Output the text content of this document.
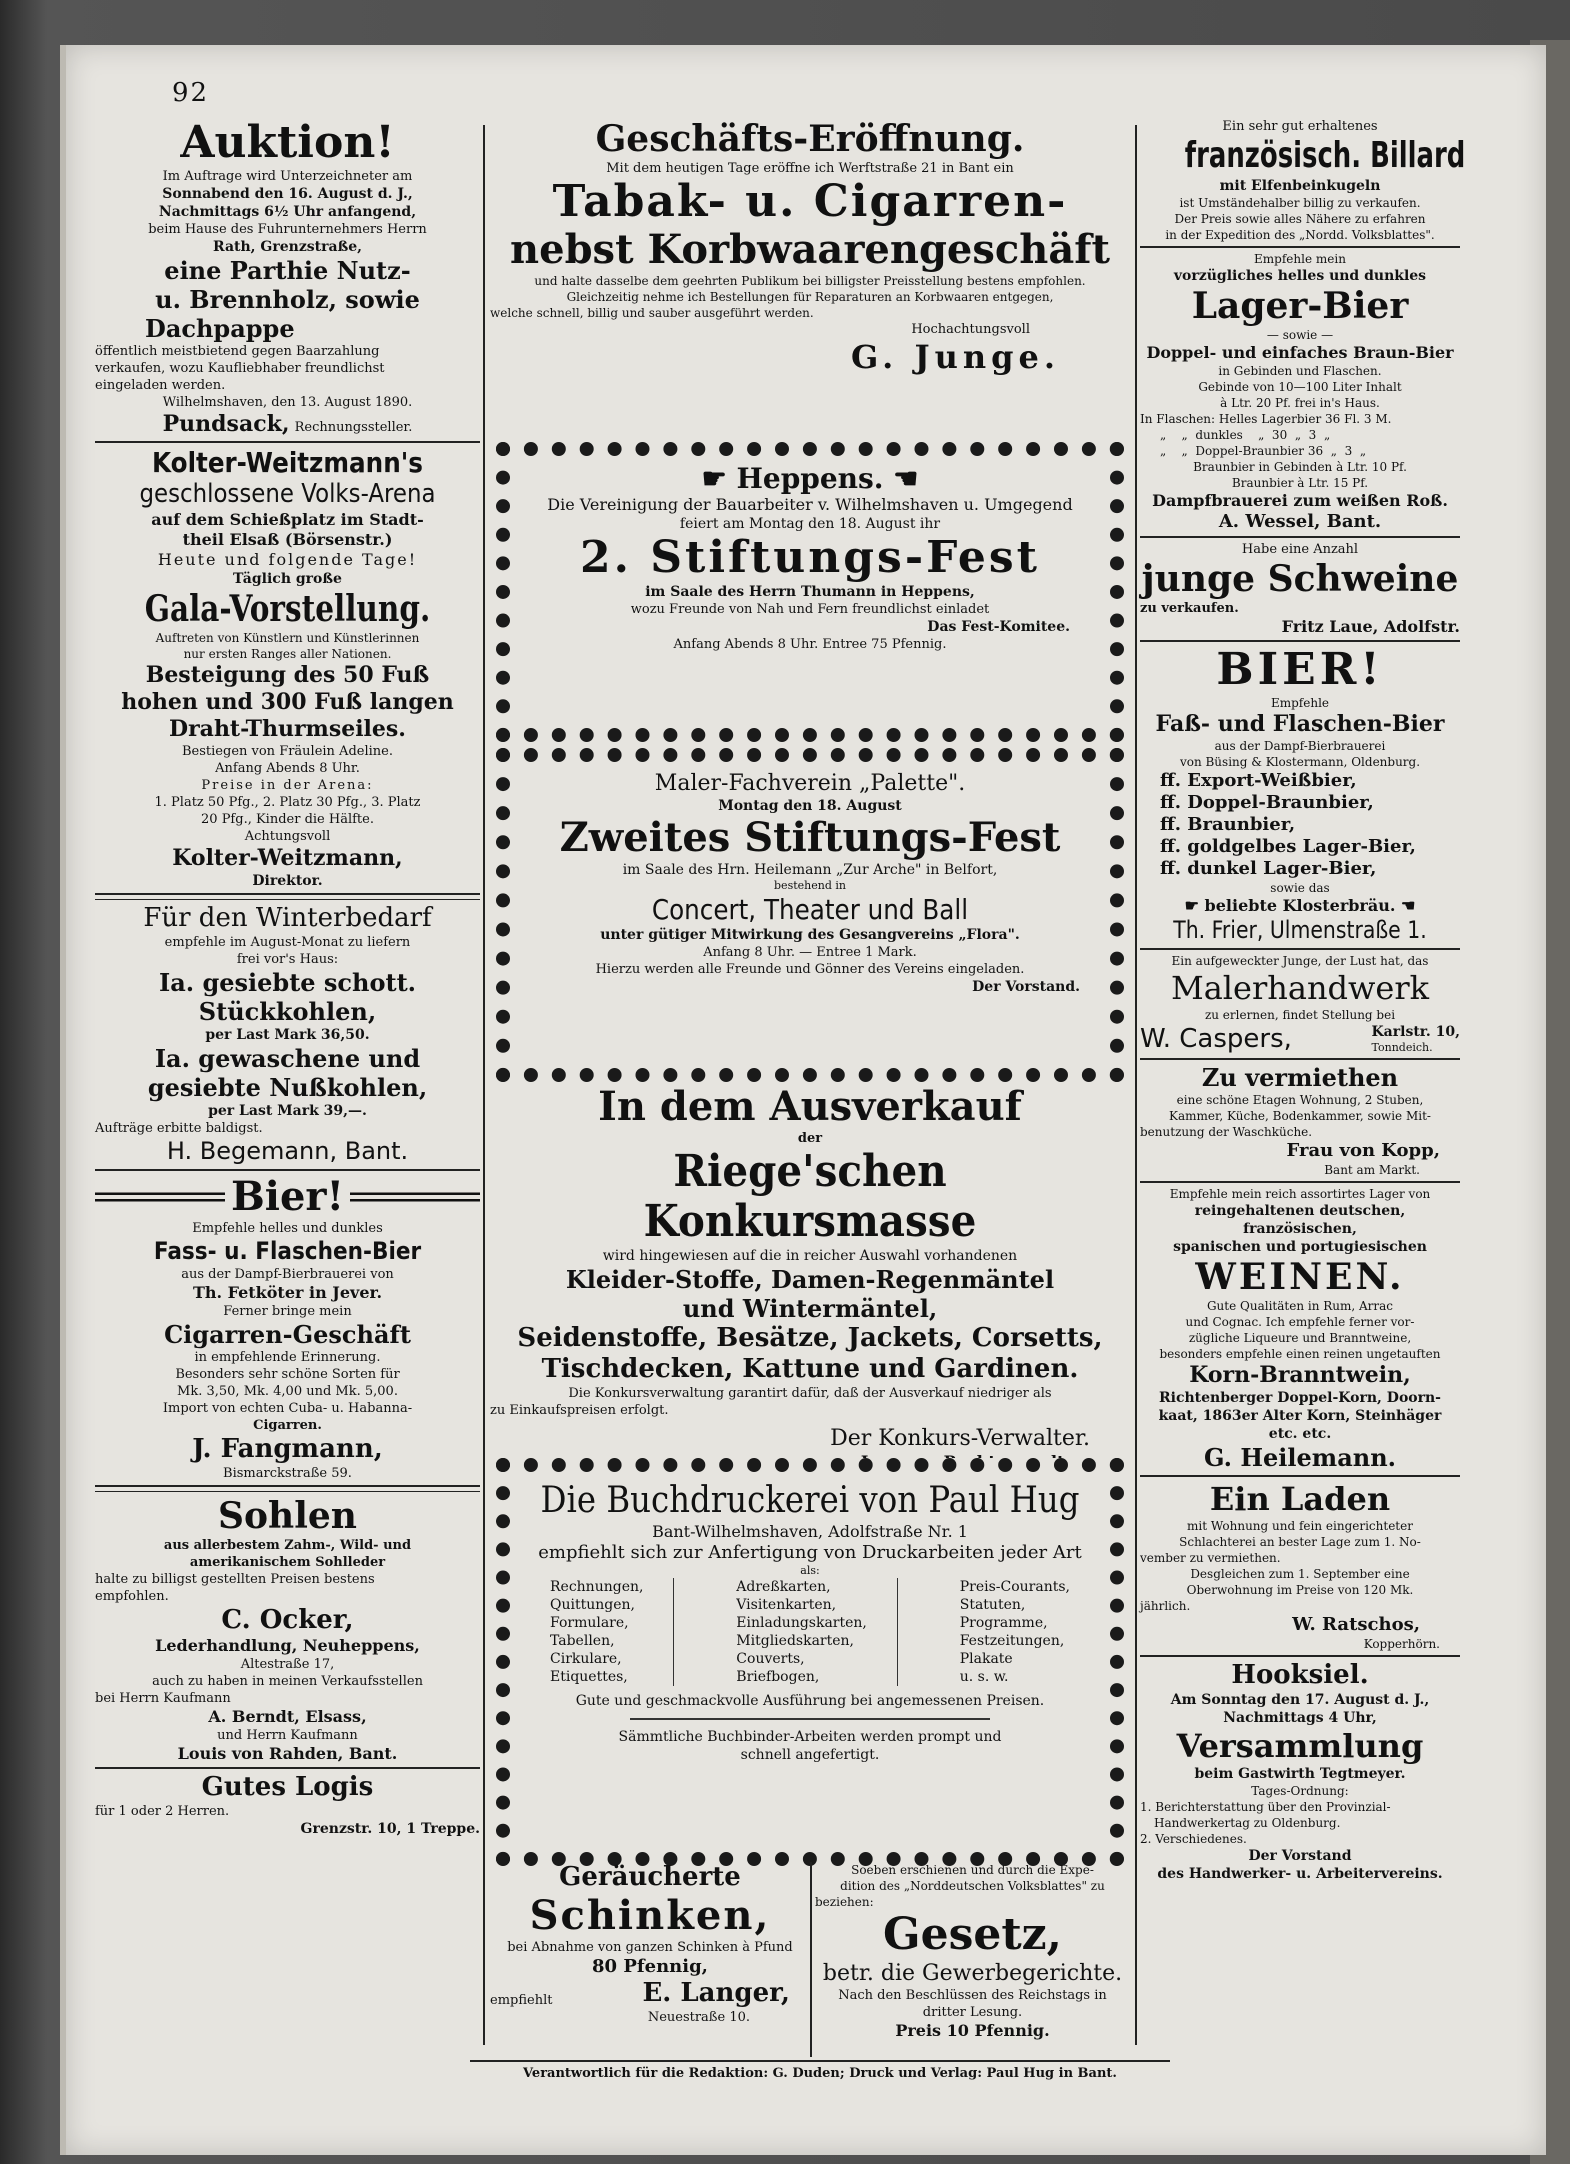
92
Auktion!
Im Auftrage wird Unterzeichneter am
Sonnabend den 16. August d. J.,
Nachmittags 6½ Uhr anfangend,
beim Hause des Fuhrunternehmers Herrn
Rath, Grenzstraße,
eine Parthie Nutz-
u. Brennholz, sowie
Dachpappe
öffentlich meistbietend gegen Baarzahlung
verkaufen, wozu Kaufliebhaber freundlichst
eingeladen werden.
Wilhelmshaven, den 13. August 1890.
Pundsack, Rechnungssteller.
Kolter-Weitzmann's
geschlossene Volks-Arena
auf dem Schießplatz im Stadt-
theil Elsaß (Börsenstr.)
Heute und folgende Tage!
Täglich große
Gala-Vorstellung.
Auftreten von Künstlern und Künstlerinnen
nur ersten Ranges aller Nationen.
Besteigung des 50 Fuß
hohen und 300 Fuß langen
Draht-Thurmseiles.
Bestiegen von Fräulein Adeline.
Anfang Abends 8 Uhr.
Preise in der Arena:
1. Platz 50 Pfg., 2. Platz 30 Pfg., 3. Platz
20 Pfg., Kinder die Hälfte.
Achtungsvoll
Kolter-Weitzmann,
Direktor.
Für den Winterbedarf
empfehle im August-Monat zu liefern
frei vor's Haus:
Ia. gesiebte schott.
Stückkohlen,
per Last Mark 36,50.
Ia. gewaschene und
gesiebte Nußkohlen,
per Last Mark 39,—.
Aufträge erbitte baldigst.
H. Begemann, Bant.
Bier!
Empfehle helles und dunkles
Fass- u. Flaschen-Bier
aus der Dampf-Bierbrauerei von
Th. Fetköter in Jever.
Ferner bringe mein
Cigarren-Geschäft
in empfehlende Erinnerung.
Besonders sehr schöne Sorten für
Mk. 3,50, Mk. 4,00 und Mk. 5,00.
Import von echten Cuba- u. Habanna-
Cigarren.
J. Fangmann,
Bismarckstraße 59.
Sohlen
aus allerbestem Zahm-, Wild- und
amerikanischem Sohlleder
halte zu billigst gestellten Preisen bestens
empfohlen.
C. Ocker,
Lederhandlung, Neuheppens,
Altestraße 17,
auch zu haben in meinen Verkaufsstellen
bei Herrn Kaufmann
A. Berndt, Elsass,
und Herrn Kaufmann
Louis von Rahden, Bant.
Gutes Logis
für 1 oder 2 Herren.
Grenzstr. 10, 1 Treppe.
Geschäfts-Eröffnung.
Mit dem heutigen Tage eröffne ich Werftstraße 21 in Bant ein
Tabak- u. Cigarren-
nebst Korbwaarengeschäft
und halte dasselbe dem geehrten Publikum bei billigster Preisstellung bestens empfohlen.
Gleichzeitig nehme ich Bestellungen für Reparaturen an Korbwaaren entgegen,
welche schnell, billig und sauber ausgeführt werden.
Hochachtungsvoll
G. Junge.
☛ Heppens. ☚
Die Vereinigung der Bauarbeiter v. Wilhelmshaven u. Umgegend
feiert am Montag den 18. August ihr
2. Stiftungs-Fest
im Saale des Herrn Thumann in Heppens,
wozu Freunde von Nah und Fern freundlichst einladet
Das Fest-Komitee.
Anfang Abends 8 Uhr. Entree 75 Pfennig.
Maler-Fachverein „Palette".
Montag den 18. August
Zweites Stiftungs-Fest
im Saale des Hrn. Heilemann „Zur Arche" in Belfort,
bestehend in
Concert, Theater und Ball
unter gütiger Mitwirkung des Gesangvereins „Flora".
Anfang 8 Uhr. — Entree 1 Mark.
Hierzu werden alle Freunde und Gönner des Vereins eingeladen.
Der Vorstand.
In dem Ausverkauf
der
Riege'schen Konkursmasse
wird hingewiesen auf die in reicher Auswahl vorhandenen
Kleider-Stoffe, Damen-Regenmäntel
und Wintermäntel,
Seidenstoffe, Besätze, Jackets, Corsetts,
Tischdecken, Kattune und Gardinen.
Die Konkursverwaltung garantirt dafür, daß der Ausverkauf niedriger als
zu Einkaufspreisen erfolgt.
Der Konkurs-Verwalter.
Die Buchdruckerei von Paul Hug
Bant-Wilhelmshaven, Adolfstraße Nr. 1
empfiehlt sich zur Anfertigung von Druckarbeiten jeder Art
als:
Rechnungen,
Quittungen,
Formulare,
Tabellen,
Cirkulare,
Etiquettes,
Adreßkarten,
Visitenkarten,
Einladungskarten,
Mitgliedskarten,
Couverts,
Briefbogen,
Preis-Courants,
Statuten,
Programme,
Festzeitungen,
Plakate
u. s. w.
Gute und geschmackvolle Ausführung bei angemessenen Preisen.
Sämmtliche Buchbinder-Arbeiten werden prompt und
schnell angefertigt.
Geräucherte
Schinken,
bei Abnahme von ganzen Schinken à Pfund
80 Pfennig,
empfiehlt	E. Langer,
Neuestraße 10.
Soeben erschienen und durch die Expe-
dition des „Norddeutschen Volksblattes" zu
beziehen:
Gesetz,
betr. die Gewerbegerichte.
Nach den Beschlüssen des Reichstags in
dritter Lesung.
Preis 10 Pfennig.
Ein sehr gut erhaltenes
französisch. Billard
mit Elfenbeinkugeln
ist Umständehalber billig zu verkaufen.
Der Preis sowie alles Nähere zu erfahren
in der Expedition des „Nordd. Volksblattes".
Empfehle mein
vorzügliches helles und dunkles
Lager-Bier
— sowie —
Doppel- und einfaches Braun-Bier
in Gebinden und Flaschen.
Gebinde von 10—100 Liter Inhalt
à Ltr. 20 Pf. frei in's Haus.
In Flaschen: Helles Lagerbier 36 Fl. 3 M.
„    „  dunkles    „  30  „  3  „
„    „  Doppel-Braunbier 36  „  3  „
Braunbier in Gebinden à Ltr. 10 Pf.
Braunbier à Ltr. 15 Pf.
Dampfbrauerei zum weißen Roß.
A. Wessel, Bant.
Habe eine Anzahl
junge Schweine
zu verkaufen.
Fritz Laue, Adolfstr.
BIER!
Empfehle
Faß- und Flaschen-Bier
aus der Dampf-Bierbrauerei
von Büsing & Klostermann, Oldenburg.
ff. Export-Weißbier,
ff. Doppel-Braunbier,
ff. Braunbier,
ff. goldgelbes Lager-Bier,
ff. dunkel Lager-Bier,
sowie das
☛ beliebte Klosterbräu. ☚
Th. Frier, Ulmenstraße 1.
Ein aufgeweckter Junge, der Lust hat, das
Malerhandwerk
zu erlernen, findet Stellung bei
W. Caspers,	Karlstr. 10,
Tonndeich.
Zu vermiethen
eine schöne Etagen Wohnung, 2 Stuben,
Kammer, Küche, Bodenkammer, sowie Mit-
benutzung der Waschküche.
Frau von Kopp,
Bant am Markt.
Empfehle mein reich assortirtes Lager von
reingehaltenen deutschen, französischen,
spanischen und portugiesischen
WEINEN.
Gute Qualitäten in Rum, Arrac
und Cognac. Ich empfehle ferner vor-
zügliche Liqueure und Branntweine,
besonders empfehle einen reinen ungetauften
Korn-Branntwein,
Richtenberger Doppel-Korn, Doorn-
kaat, 1863er Alter Korn, Steinhäger
etc. etc.
G. Heilemann.
Ein Laden
mit Wohnung und fein eingerichteter
Schlachterei an bester Lage zum 1. No-
vember zu vermiethen.
Desgleichen zum 1. September eine
Oberwohnung im Preise von 120 Mk.
jährlich.
W. Ratschos,
Kopperhörn.
Hooksiel.
Am Sonntag den 17. August d. J.,
Nachmittags 4 Uhr,
Versammlung
beim Gastwirth Tegtmeyer.
Tages-Ordnung:
1. Berichterstattung über den Provinzial-
Handwerkertag zu Oldenburg.
2. Verschiedenes.
Der Vorstand
des Handwerker- u. Arbeitervereins.
Verantwortlich für die Redaktion: G. Duden; Druck und Verlag: Paul Hug in Bant.
